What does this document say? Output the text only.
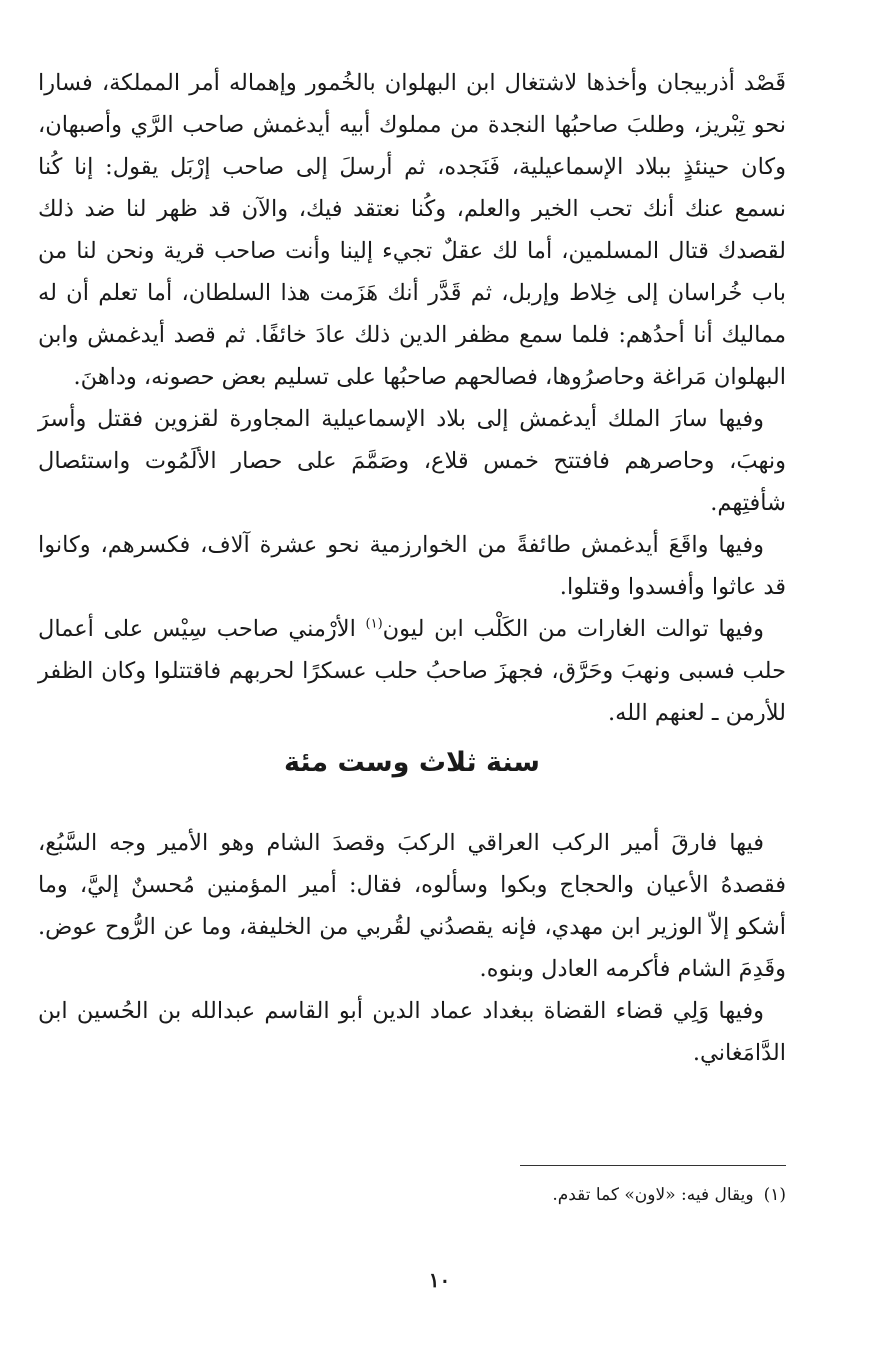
قَصْد أذربيجان وأخذها لاشتغال ابن البهلوان بالخُمور وإهماله أمر المملكة، فسارا نحو تِبْريز، وطلبَ صاحبُها النجدة من مملوك أبيه أيدغمش صاحب الرَّي وأصبهان، وكان حينئذٍ ببلاد الإسماعيلية، فَنَجده، ثم أرسلَ إلى صاحب إرْبَل يقول: إنا كُنا نسمع عنك أنك تحب الخير والعلم، وكُنا نعتقد فيك، والآن قد ظهر لنا ضد ذلك لقصدك قتال المسلمين، أما لك عقلٌ تجيء إلينا وأنت صاحب قرية ونحن لنا من باب خُراسان إلى خِلاط وإربل، ثم قَدَّر أنك هَزَمت هذا السلطان، أما تعلم أن له مماليك أنا أحدُهم: فلما سمع مظفر الدين ذلك عادَ خائفًا. ثم قصد أيدغمش وابن البهلوان مَراغة وحاصرُوها، فصالحهم صاحبُها على تسليم بعض حصونه، وداهنَ.

وفيها سارَ الملك أيدغمش إلى بلاد الإسماعيلية المجاورة لقزوين فقتل وأسرَ ونهبَ، وحاصرهم فافتتح خمس قلاع، وصَمَّمَ على حصار الألَمُوت واستئصال شأفتِهم.

وفيها واقَعَ أيدغمش طائفةً من الخوارزمية نحو عشرة آلاف، فكسرهم، وكانوا قد عاثوا وأفسدوا وقتلوا.

وفيها توالت الغارات من الكَلْب ابن ليون$^{(١)}$ الأرْمني صاحب سِيْس على أعمال حلب فسبى ونهبَ وحَرَّق، فجهزَ صاحبُ حلب عسكرًا لحربهم فاقتتلوا وكان الظفر للأرمن ـ لعنهم الله.

سنة ثلاث وست مئة

فيها فارقَ أمير الركب العراقي الركبَ وقصدَ الشام وهو الأمير وجه السَّبُع، فقصدهُ الأعيان والحجاج وبكوا وسألوه، فقال: أمير المؤمنين مُحسنٌ إليَّ، وما أشكو إلاّ الوزير ابن مهدي، فإنه يقصدُني لقُربي من الخليفة، وما عن الرُّوح عوض. وقَدِمَ الشام فأكرمه العادل وبنوه.

وفيها وَلِي قضاء القضاة ببغداد عماد الدين أبو القاسم عبدالله بن الحُسين ابن الدَّامَغاني.

(١)ويقال فيه: «لاون» كما تقدم.
١٠
